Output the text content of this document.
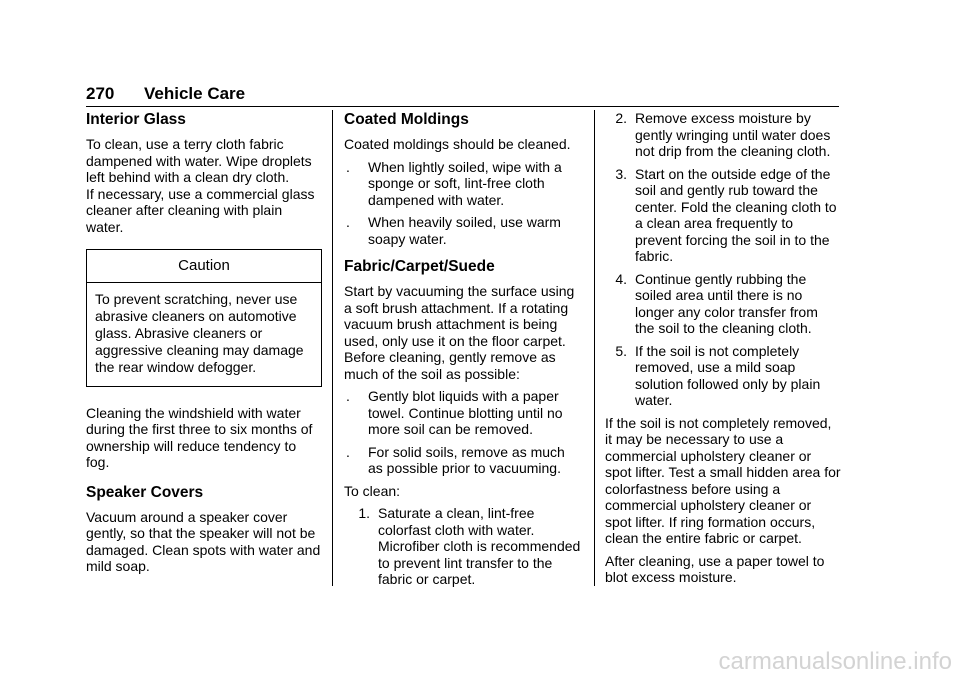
270 Vehicle Care
Interior Glass

To clean, use a terry cloth fabric dampened with water. Wipe droplets left behind with a clean dry cloth.

If necessary, use a commercial glass cleaner after cleaning with plain water.

Caution
To prevent scratching, never use abrasive cleaners on automotive glass. Abrasive cleaners or aggressive cleaning may damage the rear window defogger.

Cleaning the windshield with water during the first three to six months of ownership will reduce tendency to fog.

Speaker Covers

Vacuum around a speaker cover gently, so that the speaker will not be damaged. Clean spots with water and mild soap.

Coated Moldings

Coated moldings should be cleaned.

. When lightly soiled, wipe with a sponge or soft, lint-free cloth dampened with water.
. When heavily soiled, use warm soapy water.
Fabric/Carpet/Suede

Start by vacuuming the surface using a soft brush attachment. If a rotating vacuum brush attachment is being used, only use it on the floor carpet. Before cleaning, gently remove as much of the soil as possible:

. Gently blot liquids with a paper towel. Continue blotting until no more soil can be removed.
. For solid soils, remove as much as possible prior to vacuuming.

To clean:

1. Saturate a clean, lint-free colorfast cloth with water. Microfiber cloth is recommended to prevent lint transfer to the fabric or carpet.
2. Remove excess moisture by gently wringing until water does not drip from the cleaning cloth.
3. Start on the outside edge of the soil and gently rub toward the center. Fold the cleaning cloth to a clean area frequently to prevent forcing the soil in to the fabric.
4. Continue gently rubbing the soiled area until there is no longer any color transfer from the soil to the cleaning cloth.
5. If the soil is not completely removed, use a mild soap solution followed only by plain water.

If the soil is not completely removed, it may be necessary to use a commercial upholstery cleaner or spot lifter. Test a small hidden area for colorfastness before using a commercial upholstery cleaner or spot lifter. If ring formation occurs, clean the entire fabric or carpet.

After cleaning, use a paper towel to blot excess moisture.

carmanualsonline.info
